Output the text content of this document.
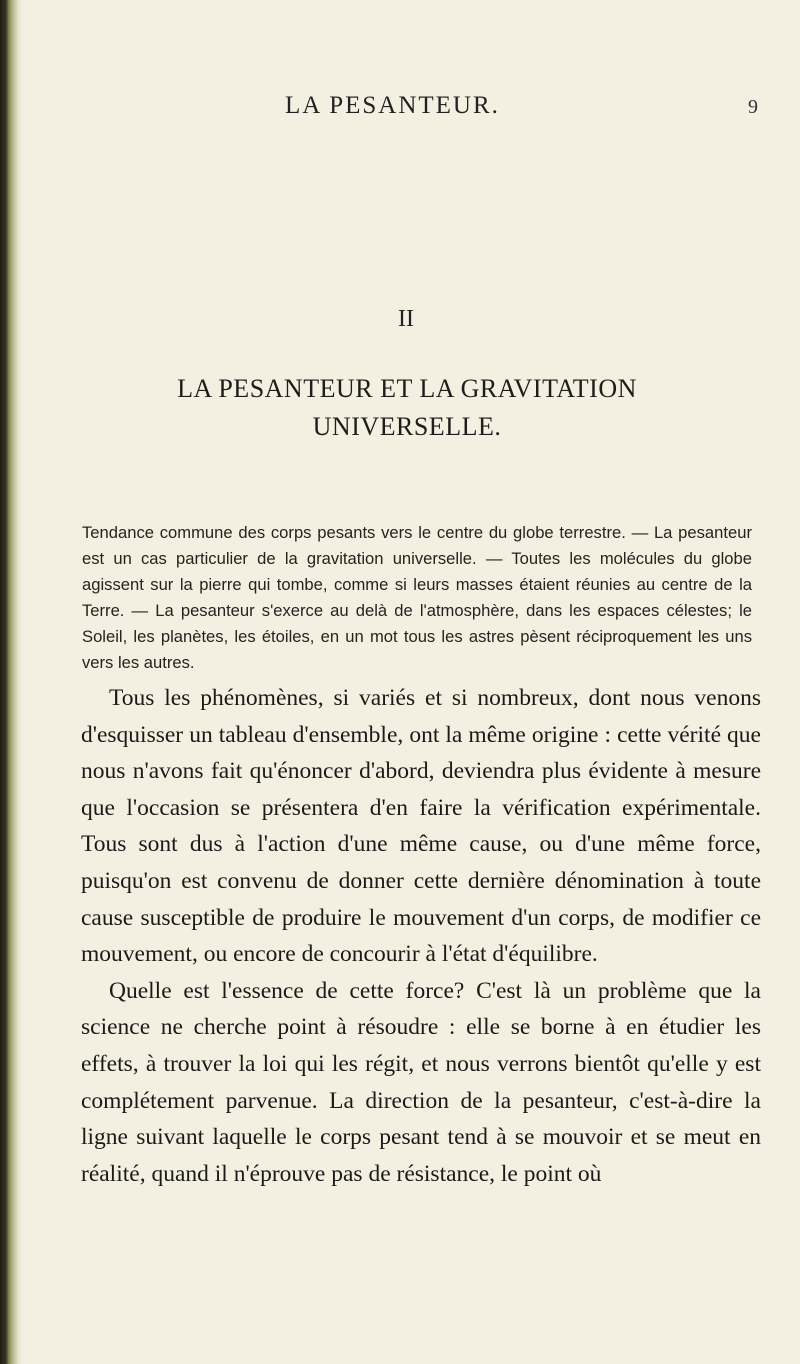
LA PESANTEUR.	9
II
LA PESANTEUR ET LA GRAVITATION UNIVERSELLE.

Tendance commune des corps pesants vers le centre du globe terrestre. — La pesanteur est un cas particulier de la gravitation universelle. — Toutes les molécules du globe agissent sur la pierre qui tombe, comme si leurs masses étaient réunies au centre de la Terre. — La pesanteur s'exerce au delà de l'atmosphère, dans les espaces célestes; le Soleil, les planètes, les étoiles, en un mot tous les astres pèsent réciproquement les uns vers les autres.

Tous les phénomènes, si variés et si nombreux, dont nous venons d'esquisser un tableau d'ensemble, ont la même origine : cette vérité que nous n'avons fait qu'énoncer d'abord, deviendra plus évidente à mesure que l'occasion se présentera d'en faire la vérification expérimentale. Tous sont dus à l'action d'une même cause, ou d'une même force, puisqu'on est convenu de donner cette dernière dénomination à toute cause susceptible de produire le mouvement d'un corps, de modifier ce mouvement, ou encore de concourir à l'état d'équilibre.

Quelle est l'essence de cette force? C'est là un problème que la science ne cherche point à résoudre : elle se borne à en étudier les effets, à trouver la loi qui les régit, et nous verrons bientôt qu'elle y est complétement parvenue. La direction de la pesanteur, c'est-à-dire la ligne suivant laquelle le corps pesant tend à se mouvoir et se meut en réalité, quand il n'éprouve pas de résistance, le point où
